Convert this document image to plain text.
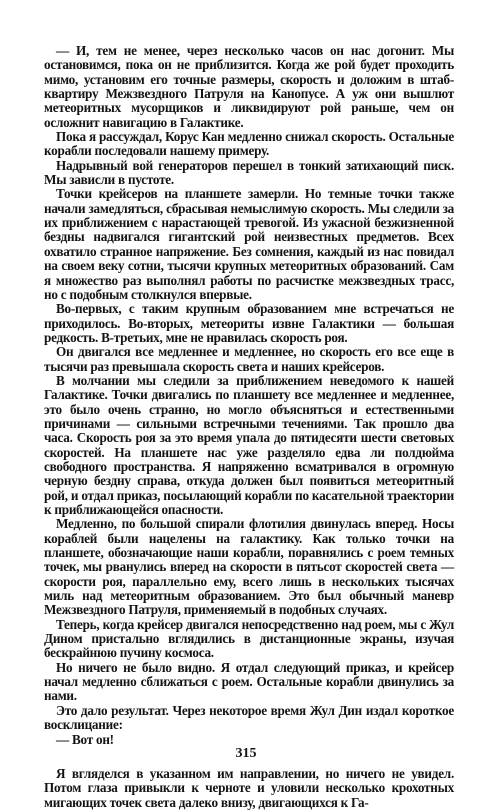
— И, тем не менее, через несколько часов он нас догонит. Мы остановимся, пока он не приблизится. Когда же рой будет проходить мимо, установим его точные размеры, скорость и доложим в штаб-квартиру Межзвездного Патруля на Канопусе. А уж они вышлют метеоритных мусорщиков и ликвидируют рой раньше, чем он осложнит навигацию в Галактике.

Пока я рассуждал, Корус Кан медленно снижал скорость. Остальные корабли последовали нашему примеру.

Надрывный вой генераторов перешел в тонкий затихающий писк. Мы зависли в пустоте.

Точки крейсеров на планшете замерли. Но темные точки также начали замедляться, сбрасывая немыслимую скорость. Мы следили за их приближением с нарастающей тревогой. Из ужасной безжизненной бездны надвигался гигантский рой неизвестных предметов. Всех охватило странное напряжение. Без сомнения, каждый из нас повидал на своем веку сотни, тысячи крупных метеоритных образований. Сам я множество раз выполнял работы по расчистке межзвездных трасс, но с подобным столкнулся впервые.

Во-первых, с таким крупным образованием мне встречаться не приходилось. Во-вторых, метеориты извне Галактики — большая редкость. В-третьих, мне не нравилась скорость роя.

Он двигался все медленнее и медленнее, но скорость его все еще в тысячи раз превышала скорость света и наших крейсеров.

В молчании мы следили за приближением неведомого к нашей Галактике. Точки двигались по планшету все медленнее и медленнее, это было очень странно, но могло объясняться и естественными причинами — сильными встречными течениями. Так прошло два часа. Скорость роя за это время упала до пятидесяти шести световых скоростей. На планшете нас уже разделяло едва ли полдюйма свободного пространства. Я напряженно всматривался в огромную черную бездну справа, откуда должен был появиться метеоритный рой, и отдал приказ, посылающий корабли по касательной траектории к приближающейся опасности.

Медленно, по большой спирали флотилия двинулась вперед. Носы кораблей были нацелены на галактику. Как только точки на планшете, обозначающие наши корабли, поравнялись с роем темных точек, мы рванулись вперед на скорости в пятьсот скоростей света — скорости роя, параллельно ему, всего лишь в нескольких тысячах миль над метеоритным образованием. Это был обычный маневр Межзвездного Патруля, применяемый в подобных случаях.

Теперь, когда крейсер двигался непосредственно над роем, мы с Жул Дином пристально вглядились в дистанционные экраны, изучая бескрайнюю пучину космоса.

Но ничего не было видно. Я отдал следующий приказ, и крейсер начал медленно сближаться с роем. Остальные корабли двинулись за нами.

Это дало результат. Через некоторое время Жул Дин издал короткое восклицание:

— Вот он!

Я вгляделся в указанном им направлении, но ничего не увидел. Потом глаза привыкли к черноте и уловили несколько крохотных мигающих точек света далеко внизу, двигающихся к Га-

315
